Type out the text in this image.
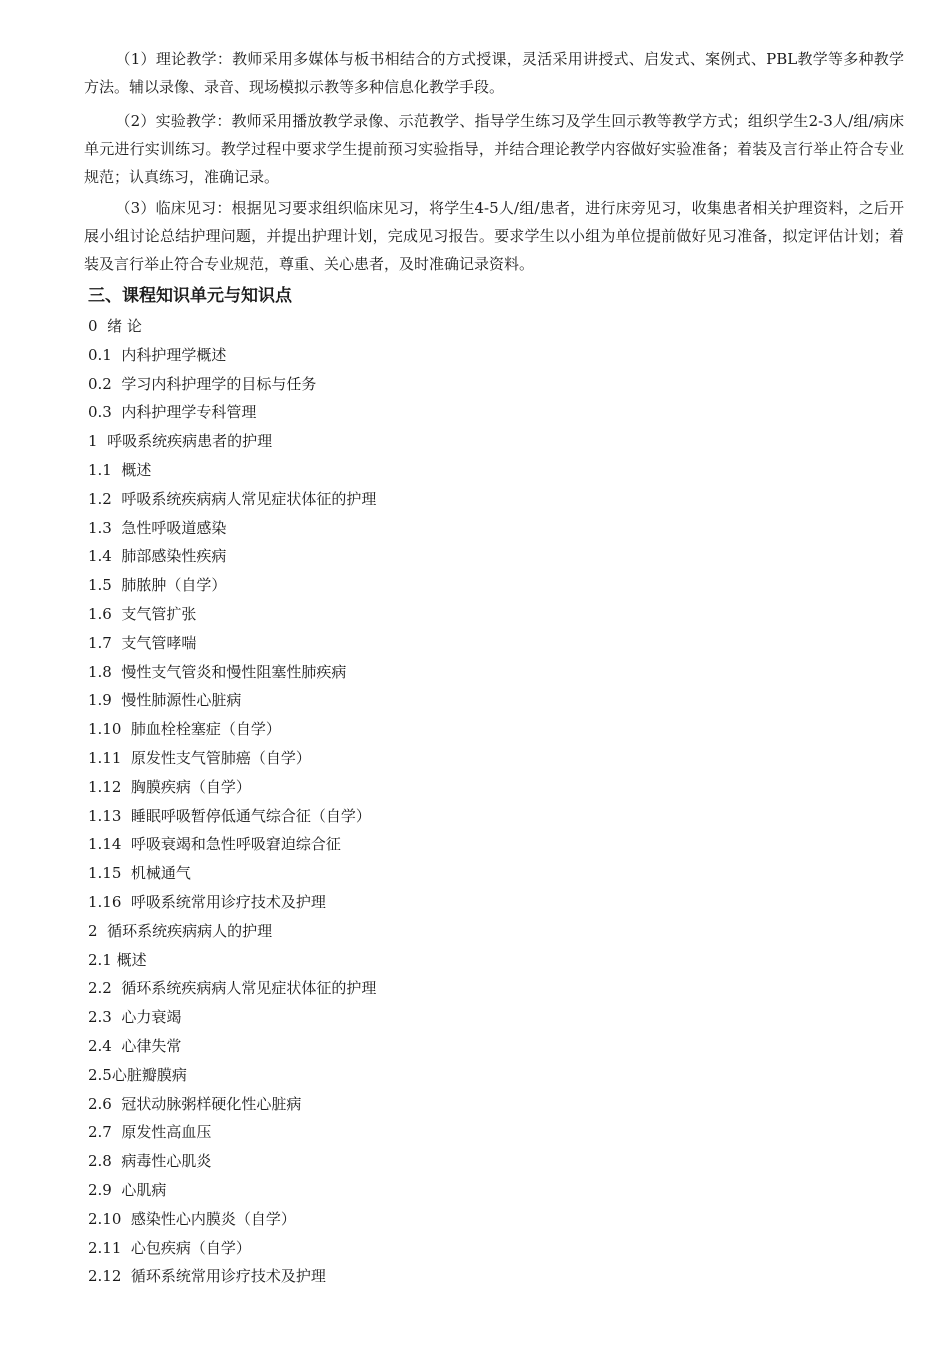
（1）理论教学：教师采用多媒体与板书相结合的方式授课，灵活采用讲授式、启发式、案例式、PBL教学等多种教学方法。辅以录像、录音、现场模拟示教等多种信息化教学手段。

（2）实验教学：教师采用播放教学录像、示范教学、指导学生练习及学生回示教等教学方式；组织学生2-3人/组/病床单元进行实训练习。教学过程中要求学生提前预习实验指导，并结合理论教学内容做好实验准备；着装及言行举止符合专业规范；认真练习，准确记录。

（3）临床见习：根据见习要求组织临床见习，将学生4-5人/组/患者，进行床旁见习，收集患者相关护理资料，之后开展小组讨论总结护理问题，并提出护理计划，完成见习报告。要求学生以小组为单位提前做好见习准备，拟定评估计划；着装及言行举止符合专业规范，尊重、关心患者，及时准确记录资料。

三、课程知识单元与知识点
0  绪 论
0.1  内科护理学概述
0.2  学习内科护理学的目标与任务
0.3  内科护理学专科管理
1  呼吸系统疾病患者的护理
1.1  概述
1.2  呼吸系统疾病病人常见症状体征的护理
1.3  急性呼吸道感染
1.4  肺部感染性疾病
1.5  肺脓肿（自学）
1.6  支气管扩张
1.7  支气管哮喘
1.8  慢性支气管炎和慢性阻塞性肺疾病
1.9  慢性肺源性心脏病
1.10  肺血栓栓塞症（自学）
1.11  原发性支气管肺癌（自学）
1.12  胸膜疾病（自学）
1.13  睡眠呼吸暂停低通气综合征（自学）
1.14  呼吸衰竭和急性呼吸窘迫综合征
1.15  机械通气
1.16  呼吸系统常用诊疗技术及护理
2  循环系统疾病病人的护理
2.1 概述
2.2  循环系统疾病病人常见症状体征的护理
2.3  心力衰竭
2.4  心律失常
2.5心脏瓣膜病
2.6  冠状动脉粥样硬化性心脏病
2.7  原发性高血压
2.8  病毒性心肌炎
2.9  心肌病
2.10  感染性心内膜炎（自学）
2.11  心包疾病（自学）
2.12  循环系统常用诊疗技术及护理
